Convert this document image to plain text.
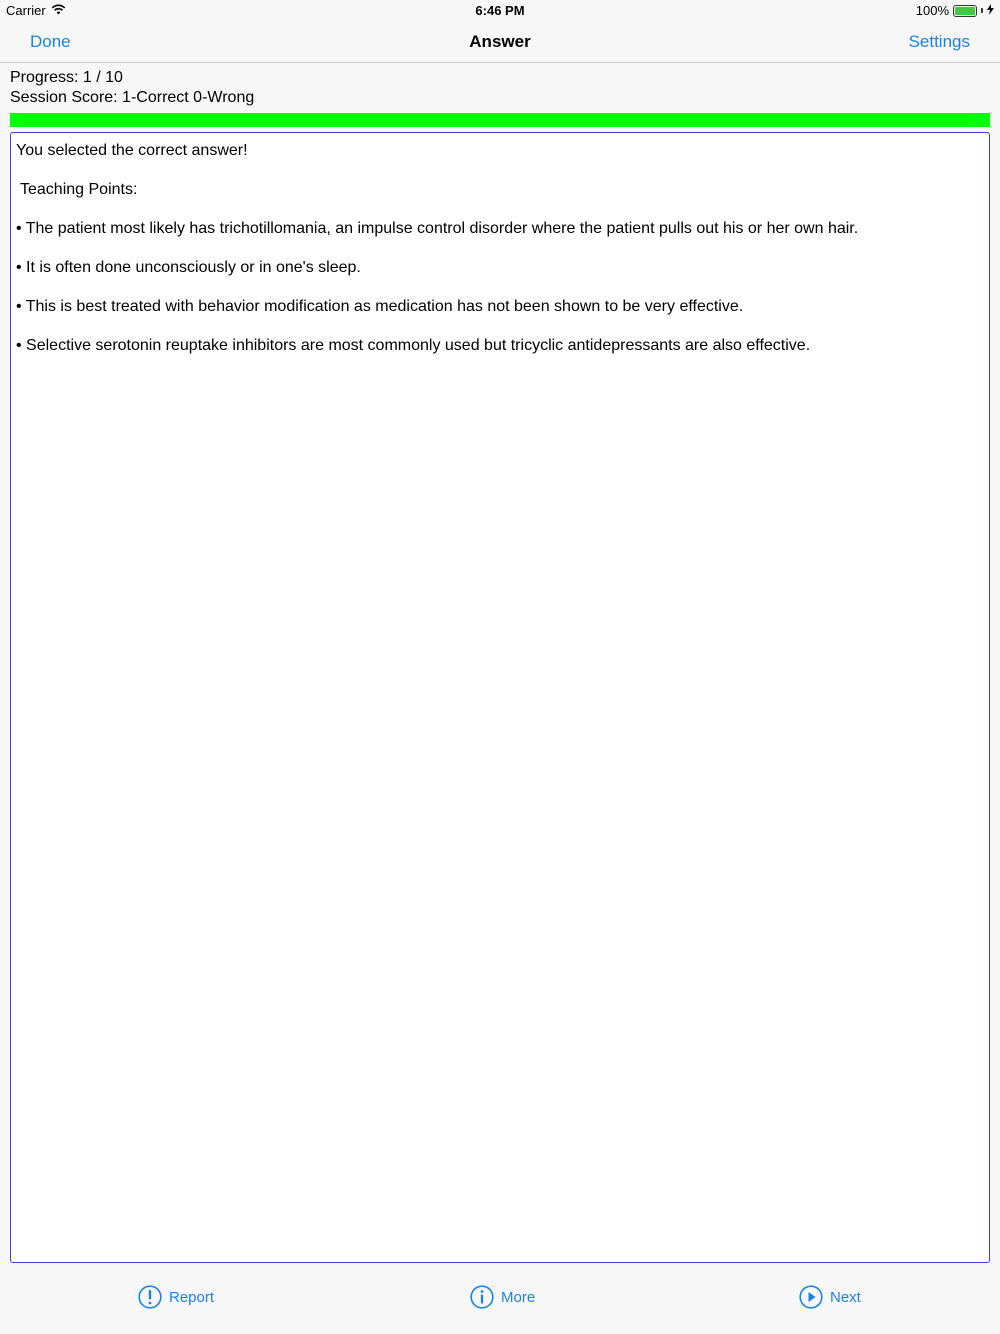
Carrier	6:46 PM	100%
Done	Answer	Settings
Progress: 1 / 10
Session Score: 1-Correct 0-Wrong

You selected the correct answer!

Teaching Points:

• The patient most likely has trichotillomania, an impulse control disorder where the patient pulls out his or her own hair.

• It is often done unconsciously or in one's sleep.

• This is best treated with behavior modification as medication has not been shown to be very effective.

• Selective serotonin reuptake inhibitors are most commonly used but tricyclic antidepressants are also effective.

Report	More	Next
